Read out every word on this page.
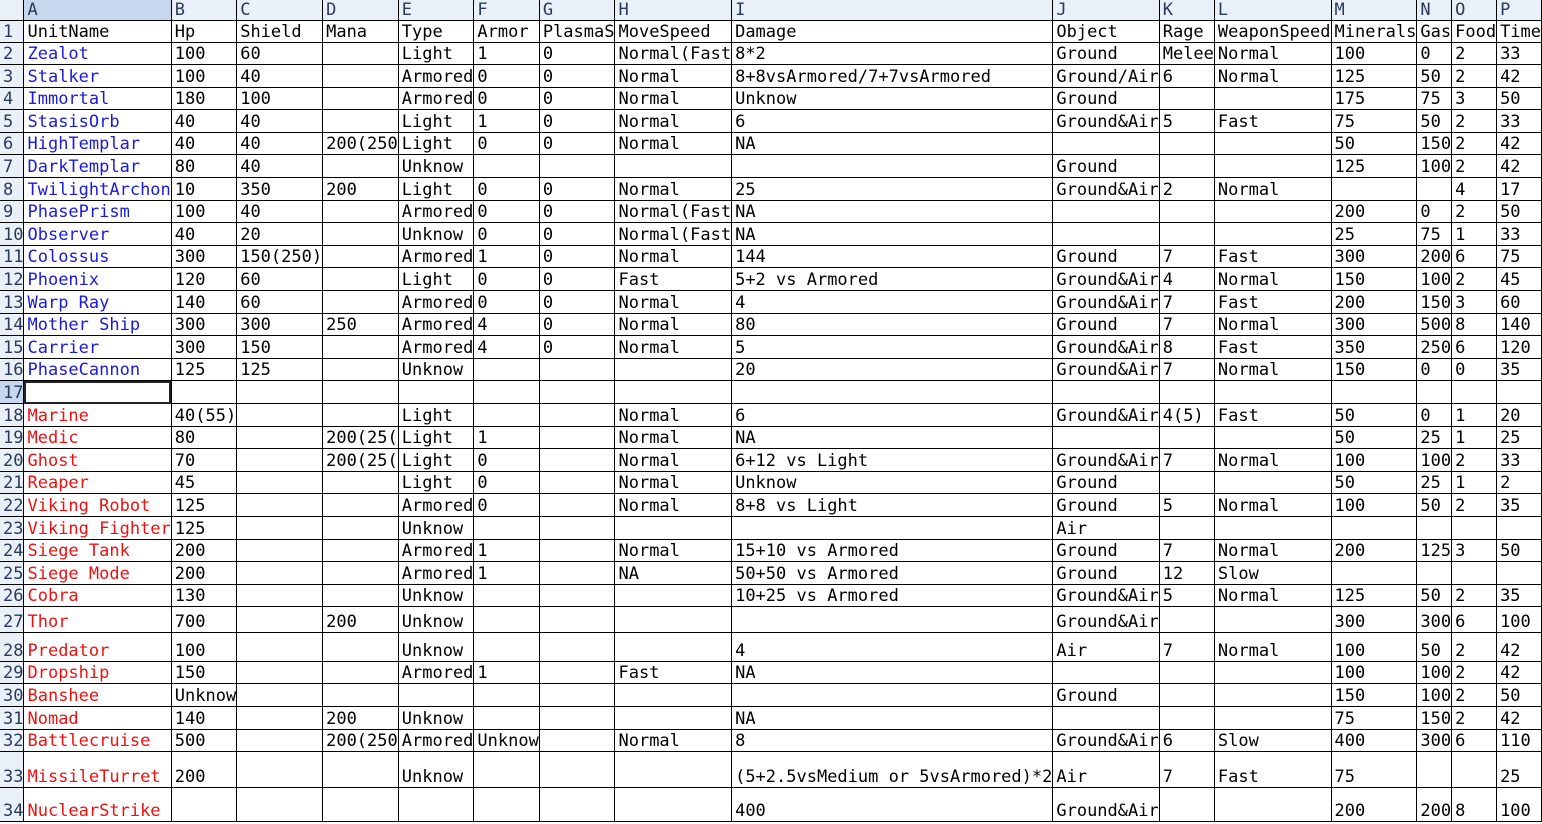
	A	B	C	D	E	F	G	H	I	J	K	L	M	N	O	P
1	UnitName	Hp	Shield	Mana	Type	Armor	PlasmaS	MoveSpeed	Damage	Object	Rage	WeaponSpeed	Minerals	Gas	Food	Time
2	Zealot	100	60		Light	1	0	Normal(Fast	8*2	Ground	Melee	Normal	100	0	2	33
3	Stalker	100	40		Armored	0	0	Normal	8+8vsArmored/7+7vsArmored	Ground/Air	6	Normal	125	50	2	42
4	Immortal	180	100		Armored	0	0	Normal	Unknow	Ground			175	75	3	50
5	StasisOrb	40	40		Light	1	0	Normal	6	Ground&Air	5	Fast	75	50	2	33
6	HighTemplar	40	40	200(250	Light	0	0	Normal	NA				50	150	2	42
7	DarkTemplar	80	40		Unknow					Ground			125	100	2	42
8	TwilightArchon	10	350	200	Light	0	0	Normal	25	Ground&Air	2	Normal			4	17
9	PhasePrism	100	40		Armored	0	0	Normal(Fast	NA				200	0	2	50
10	Observer	40	20		Unknow	0	0	Normal(Fast	NA				25	75	1	33
11	Colossus	300	150(250)		Armored	1	0	Normal	144	Ground	7	Fast	300	200	6	75
12	Phoenix	120	60		Light	0	0	Fast	5+2 vs Armored	Ground&Air	4	Normal	150	100	2	45
13	Warp Ray	140	60		Armored	0	0	Normal	4	Ground&Air	7	Fast	200	150	3	60
14	Mother Ship	300	300	250	Armored	4	0	Normal	80	Ground	7	Normal	300	500	8	140
15	Carrier	300	150		Armored	4	0	Normal	5	Ground&Air	8	Fast	350	250	6	120
16	PhaseCannon	125	125		Unknow				20	Ground&Air	7	Normal	150	0	0	35
17																
18	Marine	40(55)			Light			Normal	6	Ground&Air	4(5)	Fast	50	0	1	20
19	Medic	80		200(25(	Light	1		Normal	NA				50	25	1	25
20	Ghost	70		200(25(	Light	0		Normal	6+12 vs Light	Ground&Air	7	Normal	100	100	2	33
21	Reaper	45			Light	0		Normal	Unknow	Ground			50	25	1	2
22	Viking Robot	125			Armored	0		Normal	8+8 vs Light	Ground	5	Normal	100	50	2	35
23	Viking Fighter	125			Unknow					Air						
24	Siege Tank	200			Armored	1		Normal	15+10 vs Armored	Ground	7	Normal	200	125	3	50
25	Siege Mode	200			Armored	1		NA	50+50 vs Armored	Ground	12	Slow				
26	Cobra	130			Unknow				10+25 vs Armored	Ground&Air	5	Normal	125	50	2	35
27	Thor	700		200	Unknow					Ground&Air			300	300	6	100
28	Predator	100			Unknow				4	Air	7	Normal	100	50	2	42
29	Dropship	150			Armored	1		Fast	NA				100	100	2	42
30	Banshee	Unknow								Ground			150	100	2	50
31	Nomad	140		200	Unknow				NA				75	150	2	42
32	Battlecruise	500		200(250	Armored	Unknow		Normal	8	Ground&Air	6	Slow	400	300	6	110
33	MissileTurret	200			Unknow				(5+2.5vsMedium or 5vsArmored)*2	Air	7	Fast	75			25
34	NuclearStrike								400	Ground&Air			200	200	8	100
